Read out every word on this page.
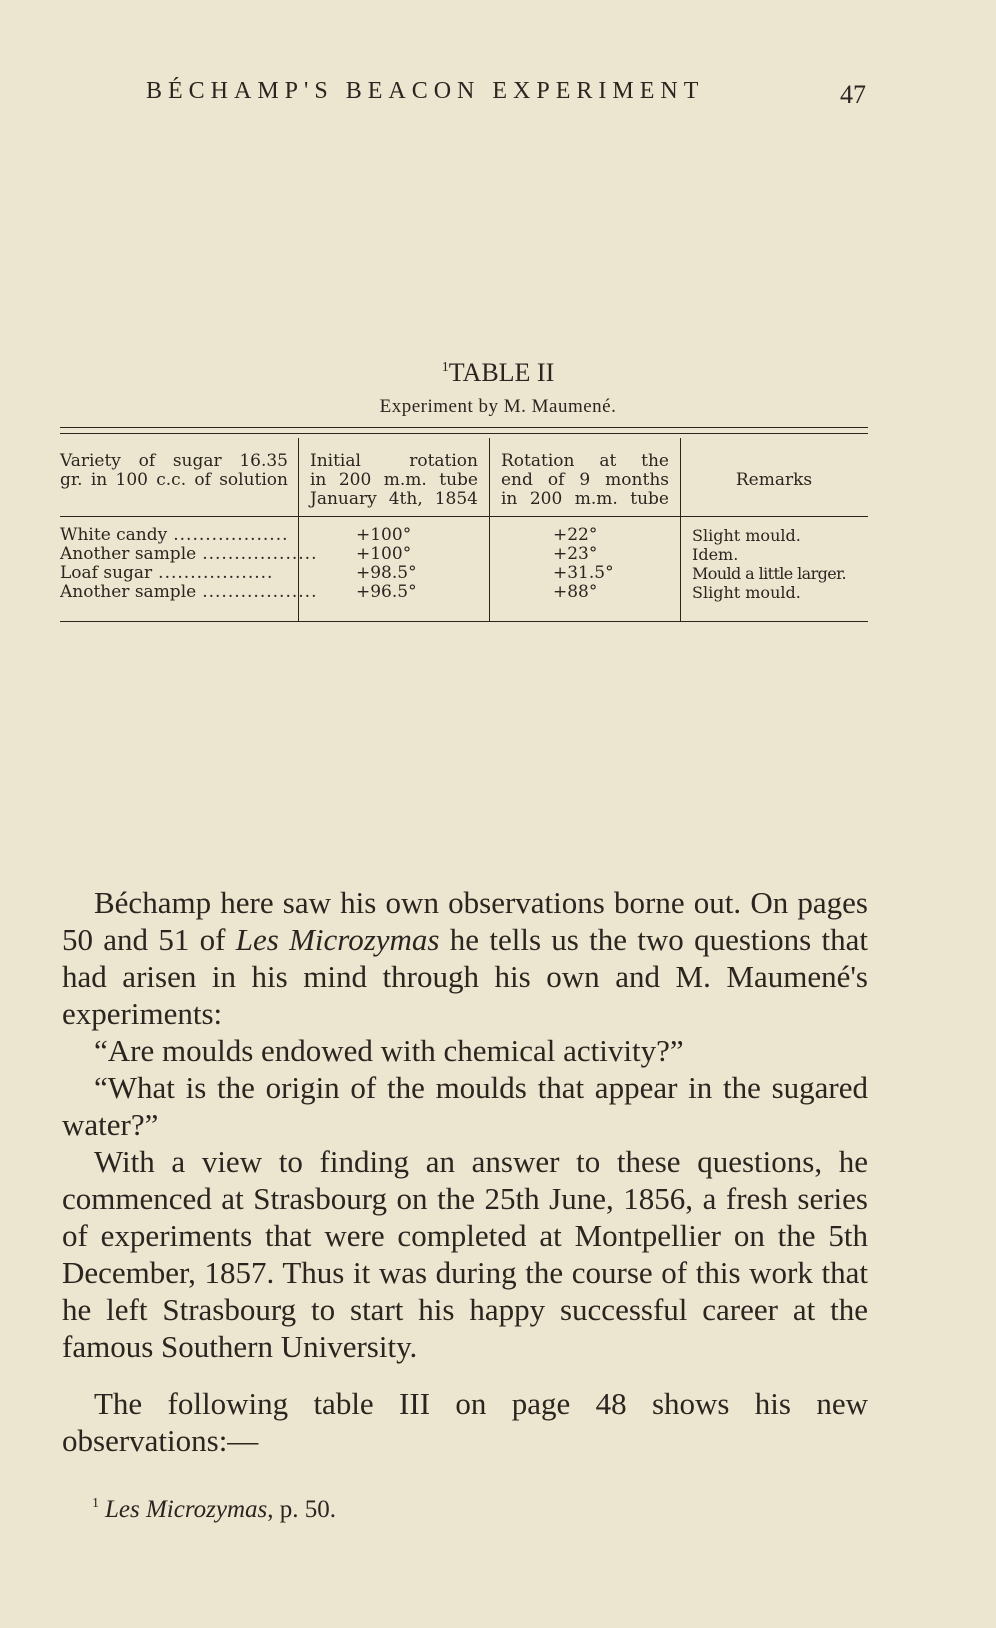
BÉCHAMP'S BEACON EXPERIMENT	47
$^1$TABLE II
Experiment by M. Maumené.
Variety of sugar 16.35
gr. in 100 c.c. of solution
Initial rotation
in 200 m.m. tube
January 4th, 1854
Rotation at the
end of 9 months
in 200 m.m. tube
Remarks
White candy ..................
Another sample ..................
Loaf sugar ..................
Another sample ..................
+100°
+100°
+98.5°
+96.5°
+22°
+23°
+31.5°
+88°
Slight mould.
Idem.
Mould a little larger.
Slight mould.

Béchamp here saw his own observations borne out. On pages 50 and 51 of Les Microzymas he tells us the two questions that had arisen in his mind through his own and M. Maumené's experiments:

“Are moulds endowed with chemical activity?”

“What is the origin of the moulds that appear in the sugared water?”

With a view to finding an answer to these questions, he commenced at Strasbourg on the 25th June, 1856, a fresh series of experiments that were completed at Montpellier on the 5th December, 1857. Thus it was during the course of this work that he left Strasbourg to start his happy successful career at the famous Southern University.

The following table III on page 48 shows his new observations:—

$^1$ Les Microzymas, p. 50.
